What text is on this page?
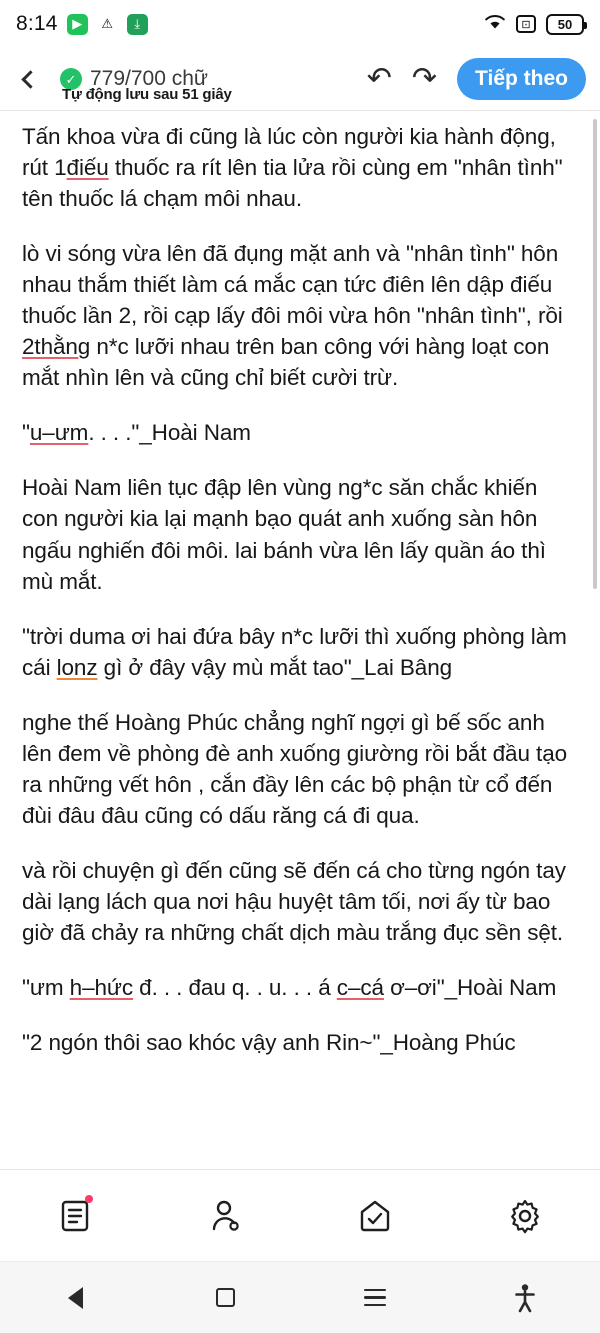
8:14	▶	⚠	⤓	⊡	50
✓ 779/700 chữ	↶ ↷	Tiếp theo
Tự động lưu sau 51 giây

Tấn khoa vừa đi cũng là lúc còn người kia hành động, rút 1điếu thuốc ra rít lên tia lửa rồi cùng em "nhân tình" tên thuốc lá chạm môi nhau.

lò vi sóng vừa lên đã đụng mặt anh và "nhân tình" hôn nhau thắm thiết làm cá mắc cạn tức điên lên dập điếu thuốc lần 2, rồi cạp lấy đôi môi vừa hôn "nhân tình", rồi 2thằng n*c lưỡi nhau trên ban công với hàng loạt con mắt nhìn lên và cũng chỉ biết cười trừ.

"u–ưm. . . ."_Hoài Nam

Hoài Nam liên tục đập lên vùng ng*c săn chắc khiến con người kia lại mạnh bạo quát anh xuống sàn hôn ngấu nghiến đôi môi. lai bánh vừa lên lấy quần áo thì mù mắt.

"trời duma ơi hai đứa bây n*c lưỡi thì xuống phòng làm cái lonz gì ở đây vậy mù mắt tao"_Lai Bâng

nghe thế Hoàng Phúc chẳng nghĩ ngợi gì bế sốc anh lên đem về phòng đè anh xuống giường rồi bắt đầu tạo ra những vết hôn , cắn đầy lên các bộ phận từ cổ đến đùi đâu đâu cũng có dấu răng cá đi qua.

và rồi chuyện gì đến cũng sẽ đến cá cho từng ngón tay dài lạng lách qua nơi hậu huyệt tâm tối, nơi ấy từ bao giờ đã chảy ra những chất dịch màu trắng đục sền sệt.

"ưm h–hức đ. . . đau q. . u. . . á c–cá ơ–ơi"_Hoài Nam

"2 ngón thôi sao khóc vậy anh Rin~"_Hoàng Phúc
